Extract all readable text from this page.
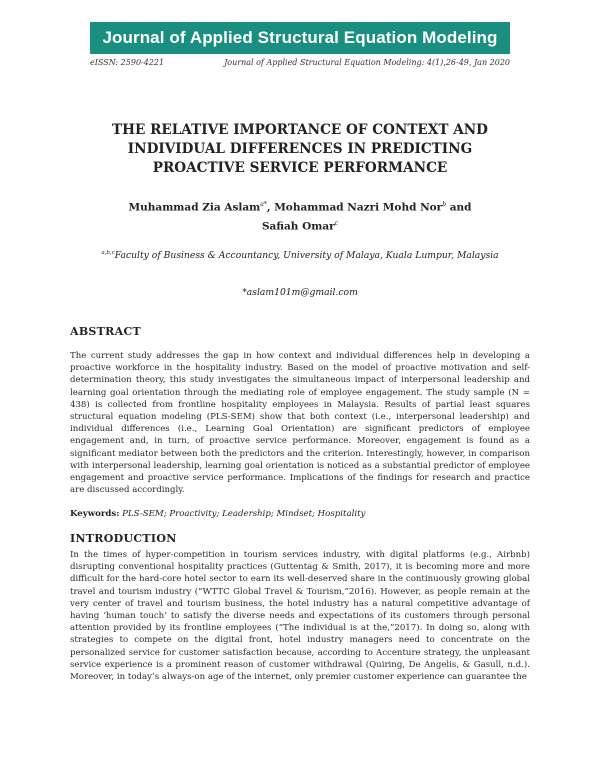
Journal of Applied Structural Equation Modeling
eISSN: 2590-4221	Journal of Applied Structural Equation Modeling: 4(1),26-49, Jan 2020
THE RELATIVE IMPORTANCE OF CONTEXT AND INDIVIDUAL DIFFERENCES IN PREDICTING PROACTIVE SERVICE PERFORMANCE
Muhammad Zia Aslam$^{a*}$, Mohammad Nazri Mohd Nor$^b$ and
Safiah Omar$^c$
$^{a,b,c}$Faculty of Business & Accountancy, University of Malaya, Kuala Lumpur, Malaysia
*aslam101m@gmail.com
ABSTRACT
The current study addresses the gap in how context and individual differences help in developing a proactive workforce in the hospitality industry. Based on the model of proactive motivation and self-determination theory, this study investigates the simultaneous impact of interpersonal leadership and learning goal orientation through the mediating role of employee engagement. The study sample (N = 438) is collected from frontline hospitality employees in Malaysia. Results of partial least squares structural equation modeling (PLS-SEM) show that both context (i.e., interpersonal leadership) and individual differences (i.e., Learning Goal Orientation) are significant predictors of employee engagement and, in turn, of proactive service performance. Moreover, engagement is found as a significant mediator between both the predictors and the criterion. Interestingly, however, in comparison with interpersonal leadership, learning goal orientation is noticed as a substantial predictor of employee engagement and proactive service performance. Implications of the findings for research and practice are discussed accordingly.
Keywords: PLS-SEM; Proactivity; Leadership; Mindset; Hospitality
INTRODUCTION
In the times of hyper-competition in tourism services industry, with digital platforms (e.g., Airbnb) disrupting conventional hospitality practices (Guttentag & Smith, 2017), it is becoming more and more difficult for the hard-core hotel sector to earn its well-deserved share in the continuously growing global travel and tourism industry (“WTTC Global Travel & Tourism,”2016). However, as people remain at the very center of travel and tourism business, the hotel industry has a natural competitive advantage of having ‘human touch’ to satisfy the diverse needs and expectations of its customers through personal attention provided by its frontline employees (“The individual is at the,”2017). In doing so, along with strategies to compete on the digital front, hotel industry managers need to concentrate on the personalized service for customer satisfaction because, according to Accenture strategy, the unpleasant service experience is a prominent reason of customer withdrawal (Quiring, De Angelis, & Gasull, n.d.). Moreover, in today’s always-on age of the internet, only premier customer experience can guarantee the
